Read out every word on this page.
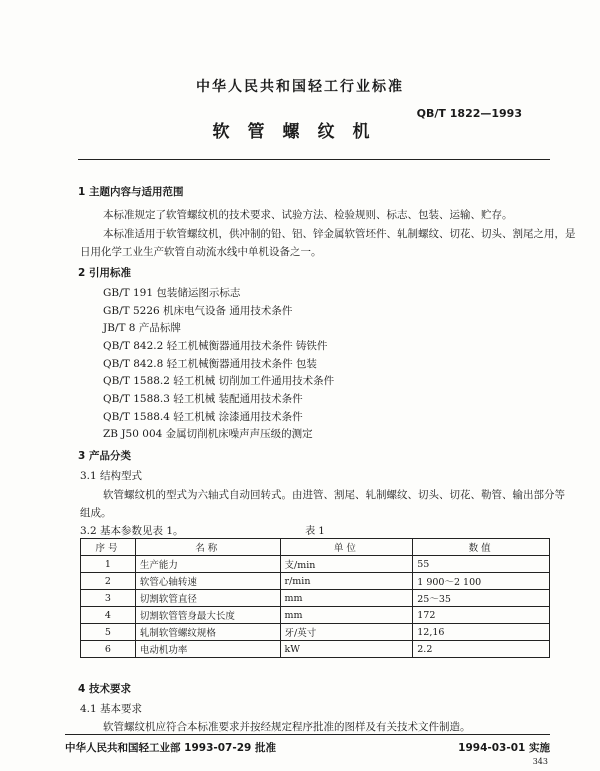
中华人民共和国轻工行业标准
QB/T 1822—1993
软管螺纹机
1 主题内容与适用范围
本标准规定了软管螺纹机的技术要求、试验方法、检验规则、标志、包装、运输、贮存。
本标准适用于软管螺纹机，供冲制的铅、铝、锌金属软管坯件、轧制螺纹、切花、切头、割尾之用，是
日用化学工业生产软管自动流水线中单机设备之一。
2 引用标准
GB/T 191 包装储运图示标志
GB/T 5226 机床电气设备 通用技术条件
JB/T 8 产品标牌
QB/T 842.2 轻工机械衡器通用技术条件 铸铁件
QB/T 842.8 轻工机械衡器通用技术条件 包装
QB/T 1588.2 轻工机械 切削加工件通用技术条件
QB/T 1588.3 轻工机械 装配通用技术条件
QB/T 1588.4 轻工机械 涂漆通用技术条件
ZB J50 004 金属切削机床噪声声压级的测定
3 产品分类
3.1 结构型式
软管螺纹机的型式为六轴式自动回转式。由进管、割尾、轧制螺纹、切头、切花、勒管、输出部分等
组成。
3.2 基本参数见表 1。	表 1
序号	名称	单位	数值
1	生产能力	支/min	55
2	软管心轴转速	r/min	1 900～2 100
3	切割软管直径	mm	25～35
4	切割软管管身最大长度	mm	172
5	轧制软管螺纹规格	牙/英寸	12,16
6	电动机功率	kW	2.2
4 技术要求
4.1 基本要求
软管螺纹机应符合本标准要求并按经规定程序批准的图样及有关技术文件制造。
中华人民共和国轻工业部 1993-07-29 批准	1994-03-01 实施
343
